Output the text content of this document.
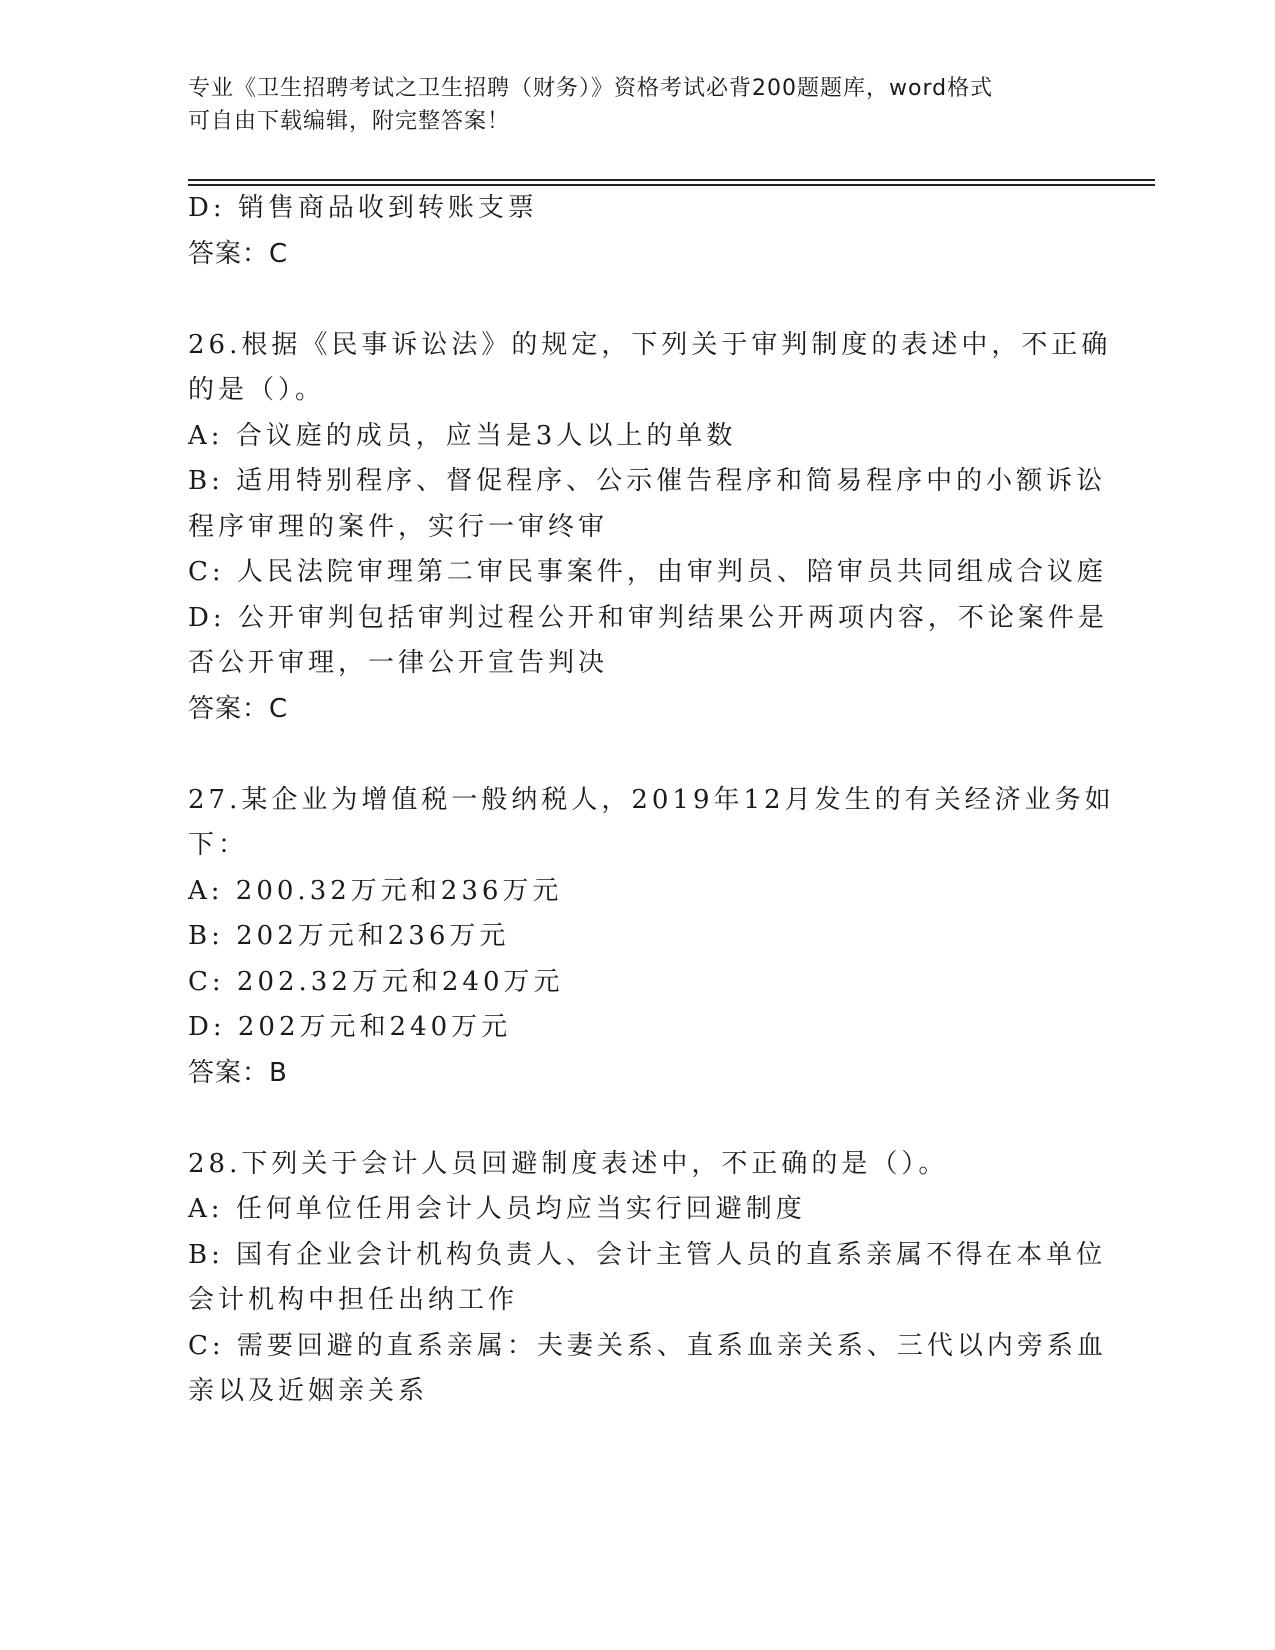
专业《卫生招聘考试之卫生招聘（财务）》资格考试必背200题题库，word格式
可自由下载编辑，附完整答案！
D: 销售商品收到转账支票
答案：C
26.根据《民事诉讼法》的规定，下列关于审判制度的表述中，不正确
的是（）。
A: 合议庭的成员，应当是3人以上的单数
B: 适用特别程序、督促程序、公示催告程序和简易程序中的小额诉讼
程序审理的案件，实行一审终审
C: 人民法院审理第二审民事案件，由审判员、陪审员共同组成合议庭
D: 公开审判包括审判过程公开和审判结果公开两项内容，不论案件是
否公开审理，一律公开宣告判决
答案：C
27.某企业为增值税一般纳税人，2019年12月发生的有关经济业务如
下：
A: 200.32万元和236万元
B: 202万元和236万元
C: 202.32万元和240万元
D: 202万元和240万元
答案：B
28.下列关于会计人员回避制度表述中，不正确的是（）。
A: 任何单位任用会计人员均应当实行回避制度
B: 国有企业会计机构负责人、会计主管人员的直系亲属不得在本单位
会计机构中担任出纳工作
C: 需要回避的直系亲属：夫妻关系、直系血亲关系、三代以内旁系血
亲以及近姻亲关系
